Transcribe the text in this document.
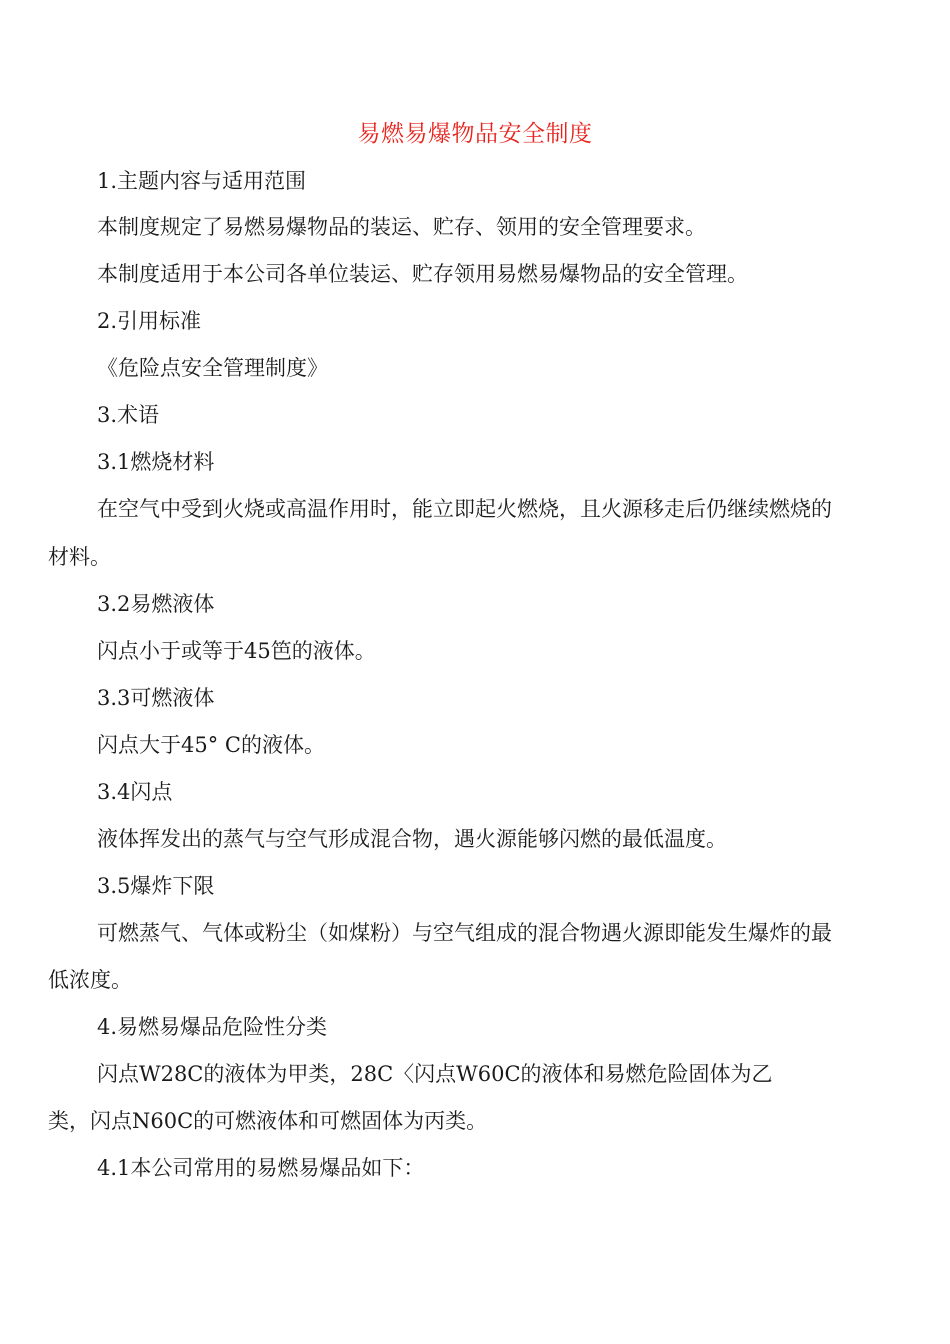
易燃易爆物品安全制度
1.主题内容与适用范围
本制度规定了易燃易爆物品的装运、贮存、领用的安全管理要求。
本制度适用于本公司各单位装运、贮存领用易燃易爆物品的安全管理。
2.引用标准
《危险点安全管理制度》
3.术语
3.1燃烧材料
在空气中受到火烧或高温作用时，能立即起火燃烧，且火源移走后仍继续燃烧的
材料。
3.2易燃液体
闪点小于或等于45笆的液体。
3.3可燃液体
闪点大于45° C的液体。
3.4闪点
液体挥发出的蒸气与空气形成混合物，遇火源能够闪燃的最低温度。
3.5爆炸下限
可燃蒸气、气体或粉尘（如煤粉）与空气组成的混合物遇火源即能发生爆炸的最
低浓度。
4.易燃易爆品危险性分类
闪点W28C的液体为甲类，28C〈闪点W60C的液体和易燃危险固体为乙
类，闪点N60C的可燃液体和可燃固体为丙类。
4.1本公司常用的易燃易爆品如下：
